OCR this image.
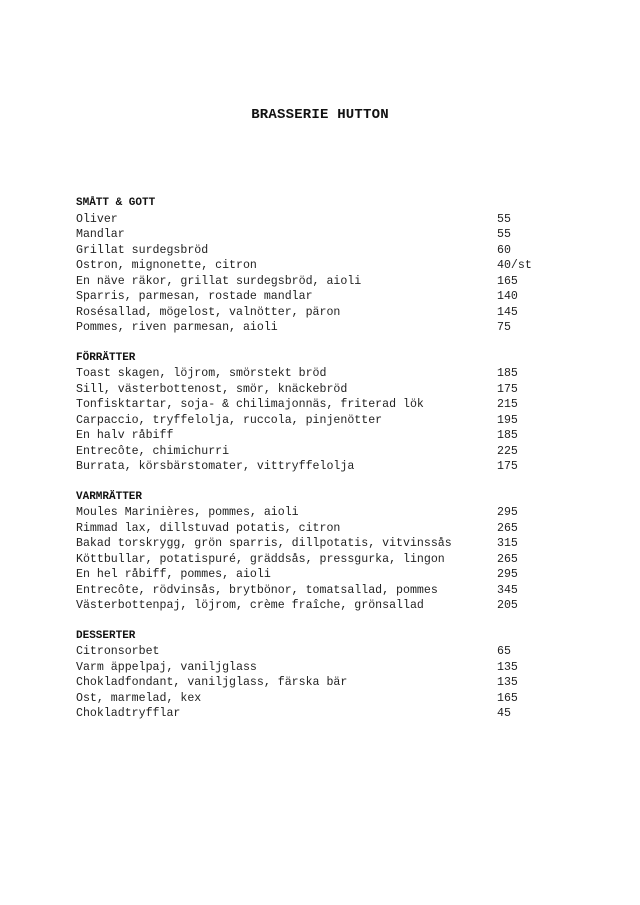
BRASSERIE HUTTON
SMÅTT & GOTT
Oliver	55
Mandlar	55
Grillat surdegsbröd	60
Ostron, mignonette, citron	40/st
En näve räkor, grillat surdegsbröd, aioli	165
Sparris, parmesan, rostade mandlar	140
Rosésallad, mögelost, valnötter, päron	145
Pommes, riven parmesan, aioli	75
FÖRRÄTTER
Toast skagen, löjrom, smörstekt bröd	185
Sill, västerbottenost, smör, knäckebröd	175
Tonfisktartar, soja- & chilimajonnäs, friterad lök	215
Carpaccio, tryffelolja, ruccola, pinjenötter	195
En halv råbiff	185
Entrecôte, chimichurri	225
Burrata, körsbärstomater, vittryffelolja	175
VARMRÄTTER
Moules Marinières, pommes, aioli	295
Rimmad lax, dillstuvad potatis, citron	265
Bakad torskrygg, grön sparris, dillpotatis, vitvinssås	315
Köttbullar, potatispuré, gräddsås, pressgurka, lingon	265
En hel råbiff, pommes, aioli	295
Entrecôte, rödvinsås, brytbönor, tomatsallad, pommes	345
Västerbottenpaj, löjrom, crème fraîche, grönsallad	205
DESSERTER
Citronsorbet	65
Varm äppelpaj, vaniljglass	135
Chokladfondant, vaniljglass, färska bär	135
Ost, marmelad, kex	165
Chokladtryfflar	45
